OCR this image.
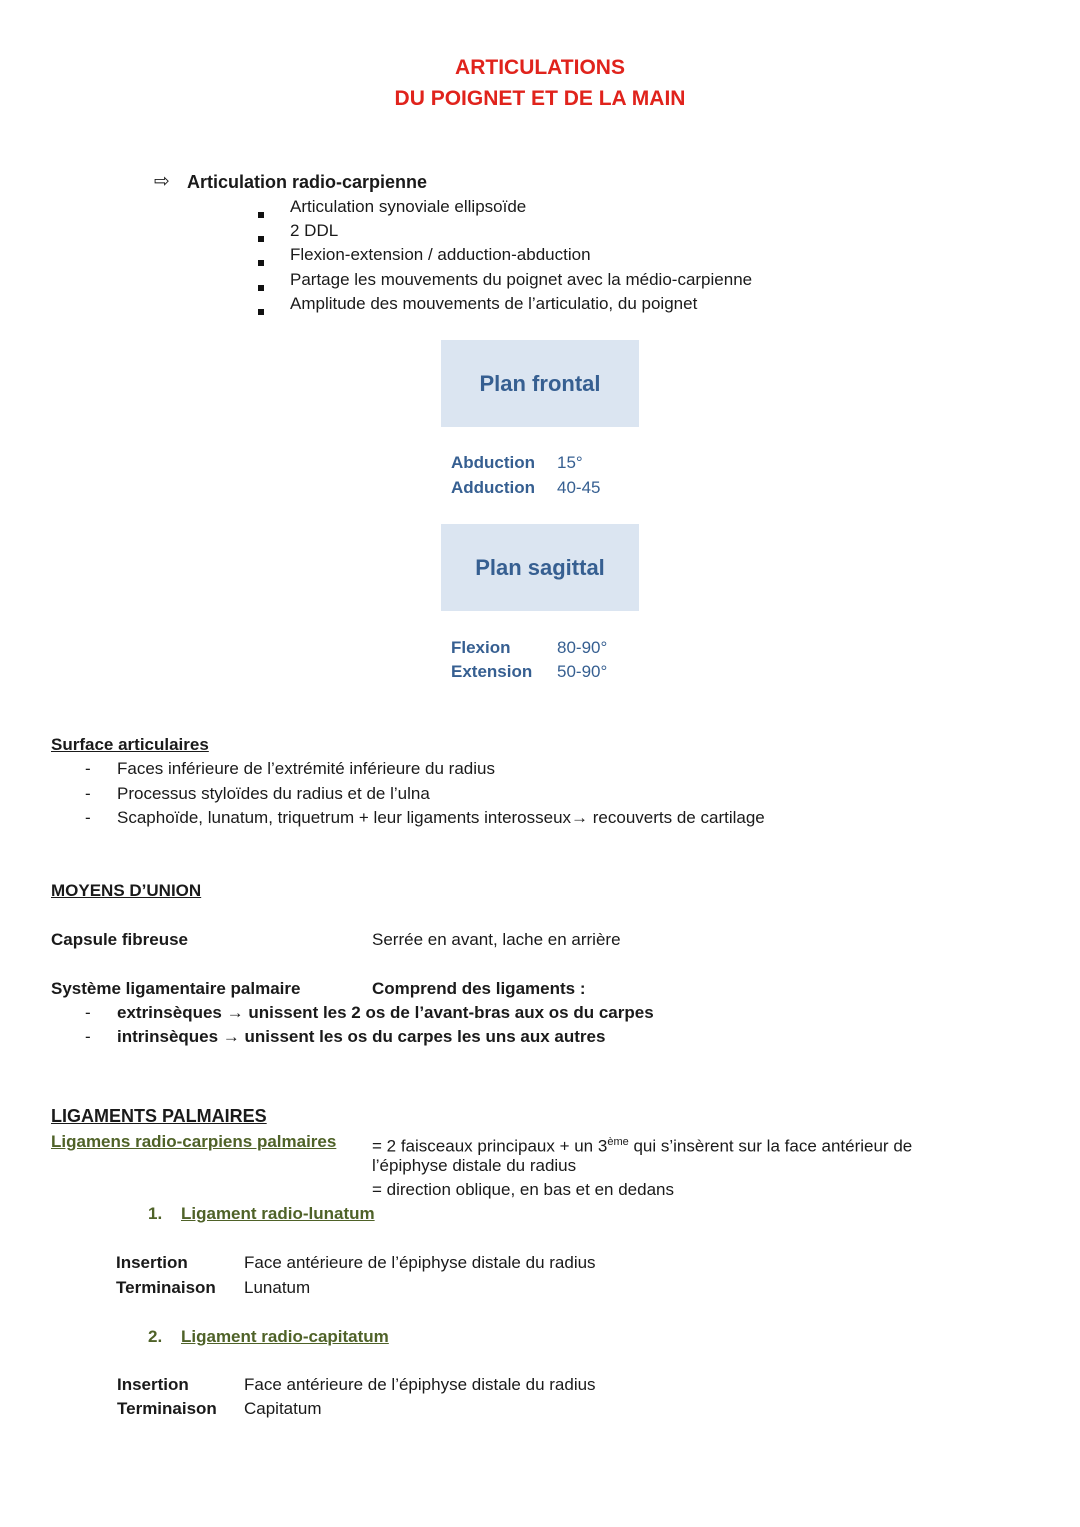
ARTICULATIONS
DU POIGNET ET DE LA MAIN
⇨ Articulation radio-carpienne
Articulation synoviale ellipsoïde
2 DDL
Flexion-extension / adduction-abduction
Partage les mouvements du poignet avec la médio-carpienne
Amplitude des mouvements de l’articulatio, du poignet
Plan frontal
Abduction 15°
Adduction 40-45
Plan sagittal
Flexion	80-90°
Extension 50-90°
Surface articulaires
- Faces inférieure de l’extrémité inférieure du radius
- Processus styloïdes du radius et de l’ulna
- Scaphoïde, lunatum, triquetrum + leur ligaments interosseux→ recouverts de cartilage
MOYENS D’UNION
Capsule fibreuse	Serrée en avant, lache en arrière
Système ligamentaire palmaire	Comprend des ligaments :
- extrinsèques → unissent les 2 os de l’avant-bras aux os du carpes
- intrinsèques → unissent les os du carpes les uns aux autres
LIGAMENTS PALMAIRES
Ligamens radio-carpiens palmaires = 2 faisceaux principaux + un 3ème qui s’insèrent sur la face antérieur de
l’épiphyse distale du radius
= direction oblique, en bas et en dedans
1. Ligament radio-lunatum
Insertion	Face antérieure de l’épiphyse distale du radius
Terminaison Lunatum
2. Ligament radio-capitatum
Insertion	Face antérieure de l’épiphyse distale du radius
Terminaison Capitatum
